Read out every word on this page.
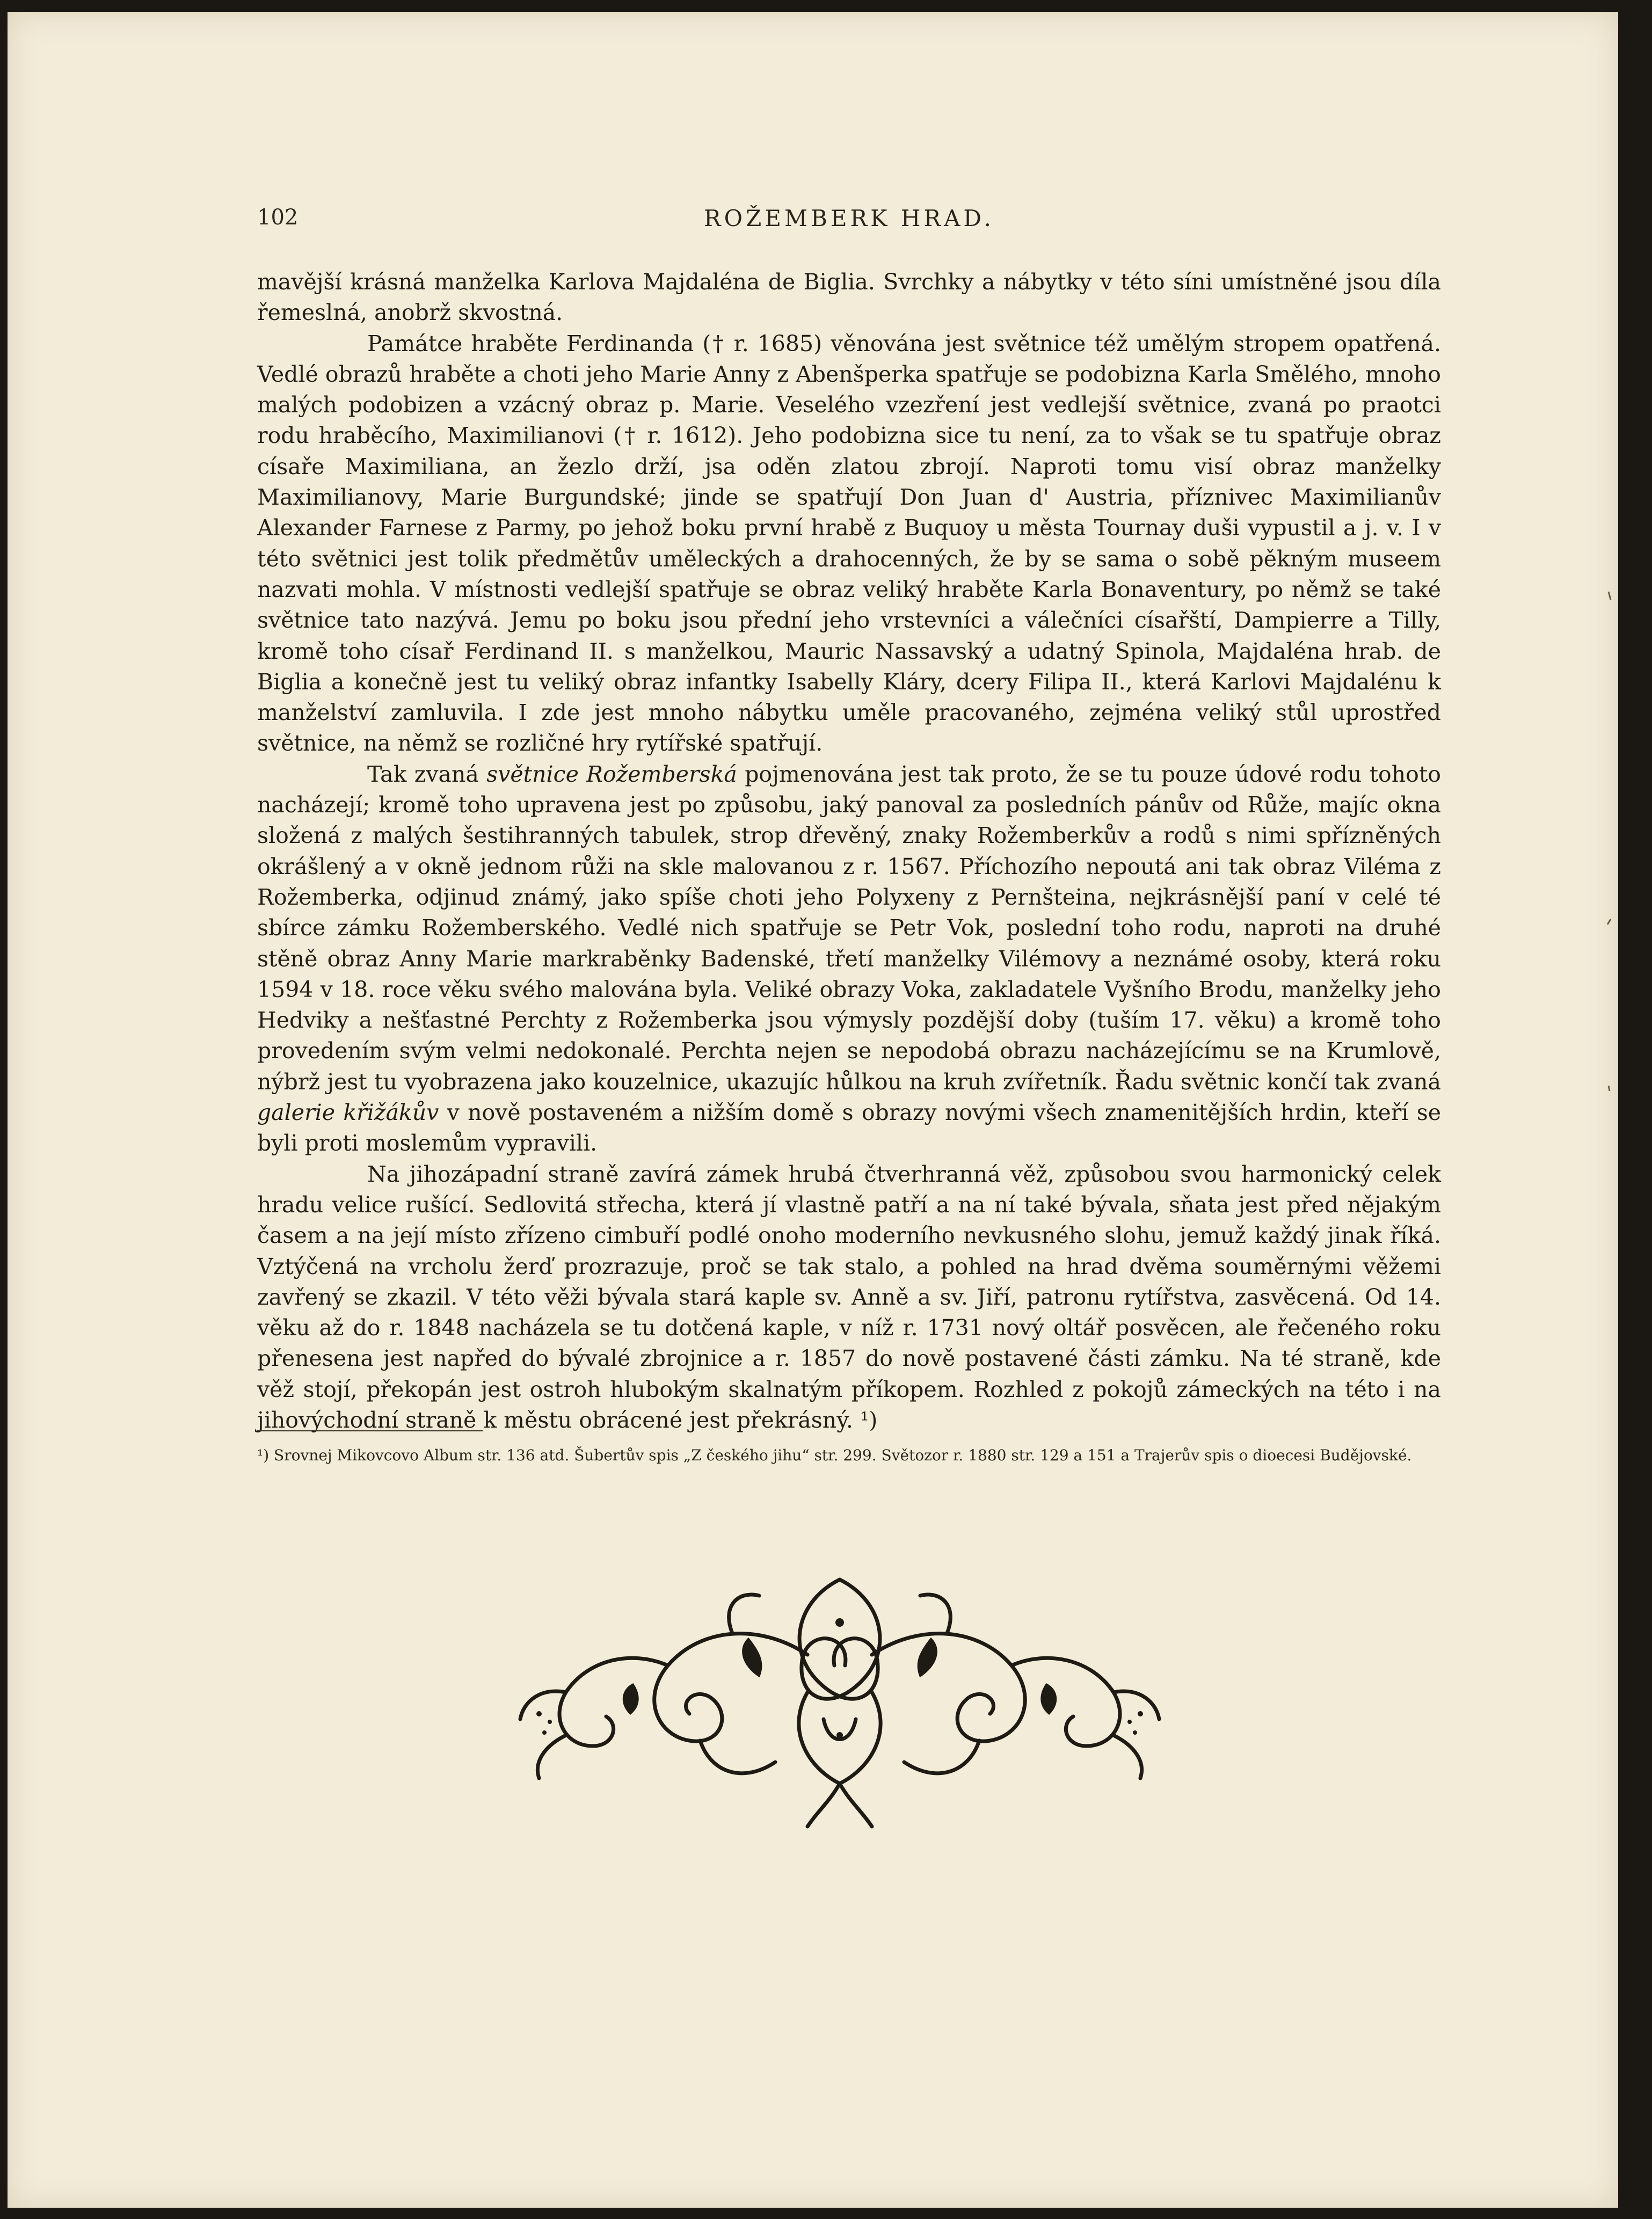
102	ROŽEMBERK HRAD.

mavější krásná manželka Karlova Majdaléna de Biglia. Svrchky a nábytky v této síni umístněné jsou díla řemeslná, anobrž skvostná.

Památce hraběte Ferdinanda († r. 1685) věnována jest světnice též umělým stropem opatřená. Vedlé obrazů hraběte a choti jeho Marie Anny z Abenšperka spatřuje se podobizna Karla Smělého, mnoho malých podobizen a vzácný obraz p. Marie. Veselého vzezření jest vedlejší světnice, zvaná po praotci rodu hraběcího, Maximilianovi († r. 1612). Jeho podobizna sice tu není, za to však se tu spatřuje obraz císaře Maximiliana, an žezlo drží, jsa oděn zlatou zbrojí. Naproti tomu visí obraz manželky Maximilianovy, Marie Burgundské; jinde se spatřují Don Juan d' Austria, příznivec Maximilianův Alexander Farnese z Parmy, po jehož boku první hrabě z Buquoy u města Tournay duši vypustil a j. v. I v této světnici jest tolik předmětův uměleckých a drahocenných, že by se sama o sobě pěkným museem nazvati mohla. V místnosti vedlejší spatřuje se obraz veliký hraběte Karla Bonaventury, po němž se také světnice tato nazývá. Jemu po boku jsou přední jeho vrstevníci a válečníci císařští, Dampierre a Tilly, kromě toho císař Ferdinand II. s manželkou, Mauric Nassavský a udatný Spinola, Majdaléna hrab. de Biglia a konečně jest tu veliký obraz infantky Isabelly Kláry, dcery Filipa II., která Karlovi Majdalénu k manželství zamluvila. I zde jest mnoho nábytku uměle pracovaného, zejména veliký stůl uprostřed světnice, na němž se rozličné hry rytířské spatřují.

Tak zvaná světnice Rožemberská pojmenována jest tak proto, že se tu pouze údové rodu tohoto nacházejí; kromě toho upravena jest po způsobu, jaký panoval za posledních pánův od Růže, majíc okna složená z malých šestihranných tabulek, strop dřevěný, znaky Rožemberkův a rodů s nimi spřízněných okrášlený a v okně jednom růži na skle malovanou z r. 1567. Příchozího nepoutá ani tak obraz Viléma z Rožemberka, odjinud známý, jako spíše choti jeho Polyxeny z Pernšteina, nejkrásnější paní v celé té sbírce zámku Rožemberského. Vedlé nich spatřuje se Petr Vok, poslední toho rodu, naproti na druhé stěně obraz Anny Marie markraběnky Badenské, třetí manželky Vilémovy a neznámé osoby, která roku 1594 v 18. roce věku svého malována byla. Veliké obrazy Voka, zakladatele Vyšního Brodu, manželky jeho Hedviky a nešťastné Perchty z Rožemberka jsou výmysly pozdější doby (tuším 17. věku) a kromě toho provedením svým velmi nedokonalé. Perchta nejen se nepodobá obrazu nacházejícímu se na Krumlově, nýbrž jest tu vyobrazena jako kouzelnice, ukazujíc hůlkou na kruh zvířetník. Řadu světnic končí tak zvaná galerie křižákův v nově postaveném a nižším domě s obrazy novými všech znamenitějších hrdin, kteří se byli proti moslemům vypravili.

Na jihozápadní straně zavírá zámek hrubá čtverhranná věž, způsobou svou harmonický celek hradu velice rušící. Sedlovitá střecha, která jí vlastně patří a na ní také bývala, sňata jest před nějakým časem a na její místo zřízeno cimbuří podlé onoho moderního nevkusného slohu, jemuž každý jinak říká. Vztýčená na vrcholu žerď prozrazuje, proč se tak stalo, a pohled na hrad dvěma souměrnými věžemi zavřený se zkazil. V této věži bývala stará kaple sv. Anně a sv. Jiří, patronu rytířstva, zasvěcená. Od 14. věku až do r. 1848 nacházela se tu dotčená kaple, v níž r. 1731 nový oltář posvěcen, ale řečeného roku přenesena jest napřed do bývalé zbrojnice a r. 1857 do nově postavené části zámku. Na té straně, kde věž stojí, překopán jest ostroh hlubokým skalnatým příkopem. Rozhled z pokojů zámeckých na této i na jihovýchodní straně k městu obrácené jest překrásný. ¹)

¹) Srovnej Mikovcovo Album str. 136 atd. Šubertův spis „Z českého jihu“ str. 299. Světozor r. 1880 str. 129 a 151 a Trajerův spis o dioecesi Budějovské.
